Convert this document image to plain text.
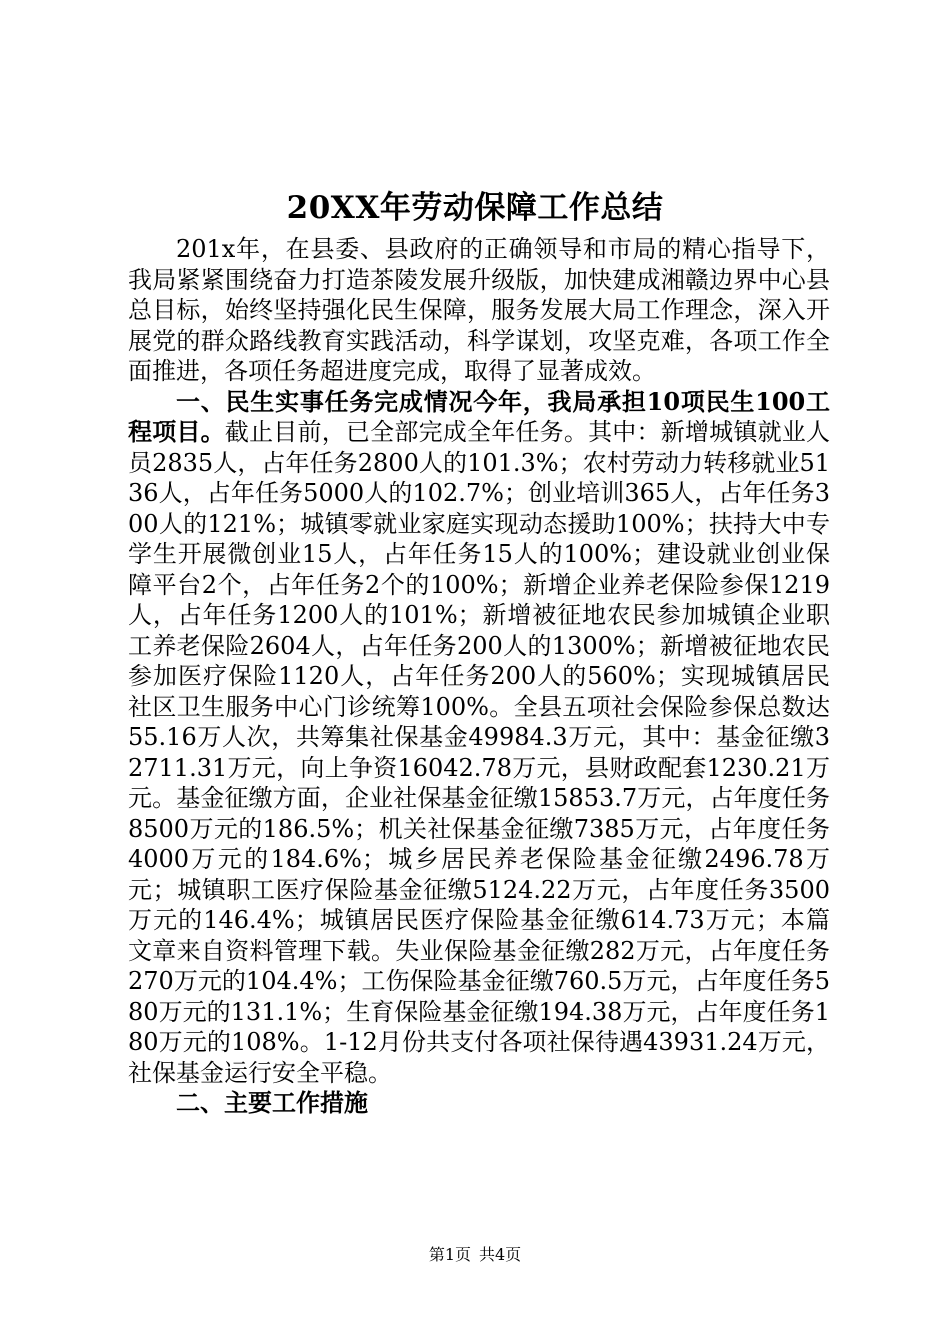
20XX年劳动保障工作总结

201x年，在县委、县政府的正确领导和市局的精心指导下，我局紧紧围绕奋力打造茶陵发展升级版，加快建成湘赣边界中心县总目标，始终坚持强化民生保障，服务发展大局工作理念，深入开展党的群众路线教育实践活动，科学谋划，攻坚克难，各项工作全面推进，各项任务超进度完成，取得了显著成效。

一、民生实事任务完成情况今年，我局承担10项民生100工程项目。截止目前，已全部完成全年任务。其中：新增城镇就业人员2835人，占年任务2800人的101.3%；农村劳动力转移就业5136人，占年任务5000人的102.7%；创业培训365人，占年任务300人的121%；城镇零就业家庭实现动态援助100%；扶持大中专学生开展微创业15人，占年任务15人的100%；建设就业创业保障平台2个，占年任务2个的100%；新增企业养老保险参保1219人，占年任务1200人的101%；新增被征地农民参加城镇企业职工养老保险2604人，占年任务200人的1300%；新增被征地农民参加医疗保险1120人，占年任务200人的560%；实现城镇居民社区卫生服务中心门诊统筹100%。全县五项社会保险参保总数达55.16万人次，共筹集社保基金49984.3万元，其中：基金征缴32711.31万元，向上争资16042.78万元，县财政配套1230.21万元。基金征缴方面，企业社保基金征缴15853.7万元，占年度任务8500万元的186.5%；机关社保基金征缴7385万元，占年度任务4000万元的184.6%；城乡居民养老保险基金征缴2496.78万元；城镇职工医疗保险基金征缴5124.22万元，占年度任务3500万元的146.4%；城镇居民医疗保险基金征缴614.73万元；本篇文章来自资料管理下载。失业保险基金征缴282万元，占年度任务270万元的104.4%；工伤保险基金征缴760.5万元，占年度任务580万元的131.1%；生育保险基金征缴194.38万元，占年度任务180万元的108%。1-12月份共支付各项社保待遇43931.24万元，社保基金运行安全平稳。

二、主要工作措施

第1页 共4页
